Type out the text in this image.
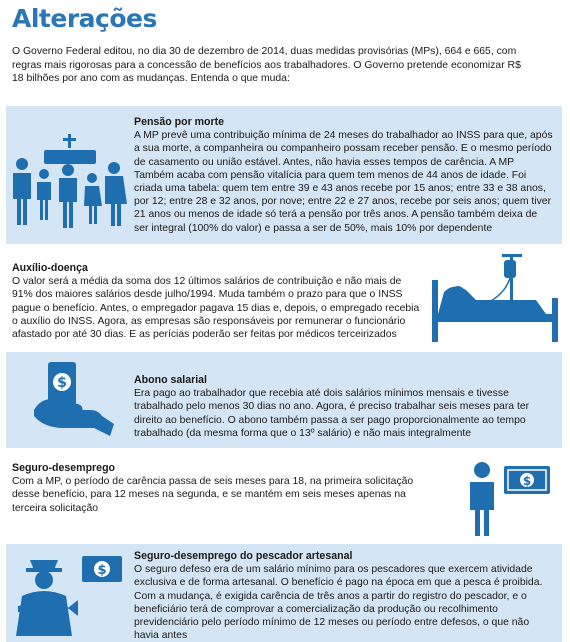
Alterações
O Governo Federal editou, no dia 30 de dezembro de 2014, duas medidas provisórias (MPs), 664 e 665, com regras mais rigorosas para a concessão de benefícios aos trabalhadores. O Governo pretende economizar R$ 18 bilhões por ano com as mudanças. Entenda o que muda:
Pensão por morte

A MP prevê uma contribuição mínima de 24 meses do trabalhador ao INSS para que, após a sua morte, a companheira ou companheiro possam receber pensão. E o mesmo período de casamento ou união estável. Antes, não havia esses tempos de carência. A MP Também acaba com pensão vitalícia para quem tem menos de 44 anos de idade. Foi criada uma tabela: quem tem entre 39 e 43 anos recebe por 15 anos; entre 33 e 38 anos, por 12; entre 28 e 32 anos, por nove; entre 22 e 27 anos, recebe por seis anos; quem tiver 21 anos ou menos de idade só terá a pensão por três anos. A pensão também deixa de ser integral (100% do valor) e passa a ser de 50%, mais 10% por dependente

Auxílio-doença

O valor será a média da soma dos 12 últimos salários de contribuição e não mais de 91% dos maiores salários desde julho/1994. Muda também o prazo para que o INSS pague o benefício. Antes, o empregador pagava 15 dias e, depois, o empregado recebia o auxílio do INSS. Agora, as empresas são responsáveis por remunerar o funcionário afastado por até 30 dias. E as perícias poderão ser feitas por médicos terceirizados

$	Abono salarial

Era pago ao trabalhador que recebia até dois salários mínimos mensais e tivesse trabalhado pelo menos 30 dias no ano. Agora, é preciso trabalhar seis meses para ter direito ao benefício. O abono também passa a ser pago proporcionalmente ao tempo trabalhado (da mesma forma que o 13º salário) e não mais integralmente

Seguro-desemprego

Com a MP, o período de carência passa de seis meses para 18, na primeira solicitação desse benefício, para 12 meses na segunda, e se mantém em seis meses apenas na terceira solicitação

$
$
Seguro-desemprego do pescador artesanal

O seguro defeso era de um salário mínimo para os pescadores que exercem atividade exclusiva e de forma artesanal. O benefício é pago na época em que a pesca é proibida.

Com a mudança, é exigida carência de três anos a partir do registro do pescador, e o beneficiário terá de comprovar a comercialização da produção ou recolhimento previdenciário pelo período mínimo de 12 meses ou período entre defesos, o que não havia antes
